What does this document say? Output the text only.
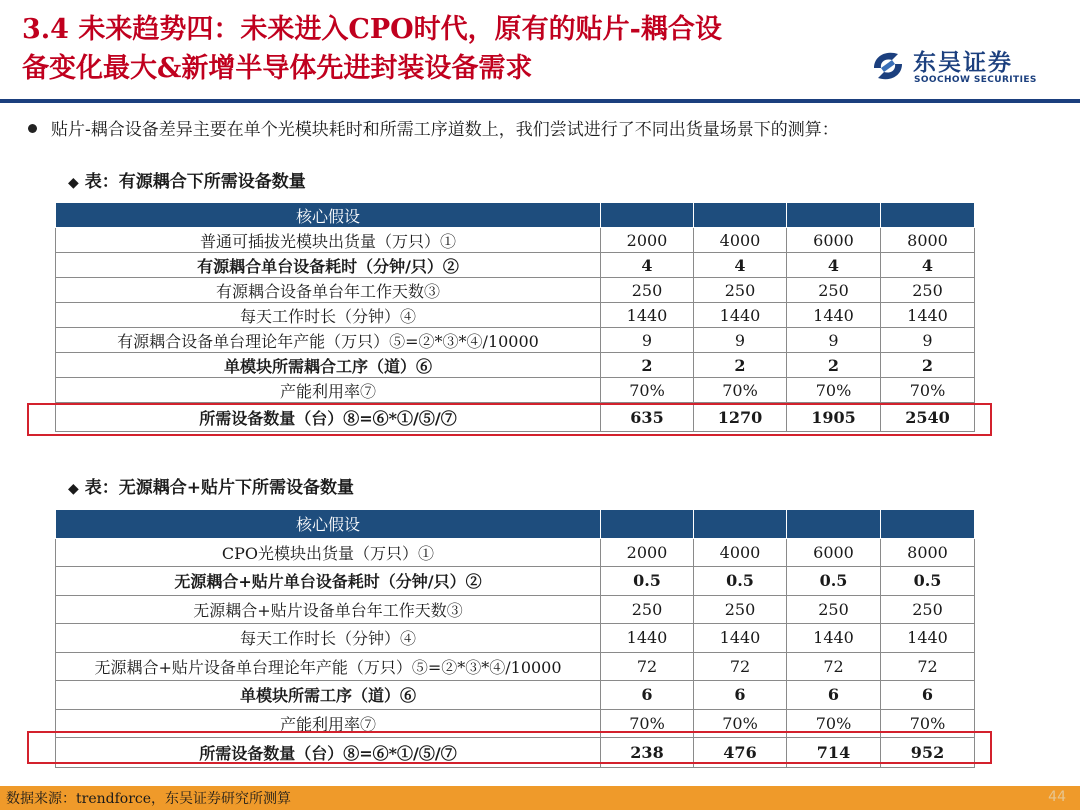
3.4 未来趋势四：未来进入CPO时代，原有的贴片-耦合设
备变化最大&新增半导体先进封装设备需求	东吴证券
SOOCHOW SECURITIES
贴片-耦合设备差异主要在单个光模块耗时和所需工序道数上，我们尝试进行了不同出货量场景下的测算：
◆ 表：有源耦合下所需设备数量
核心假设				
普通可插拔光模块出货量（万只）①	2000	4000	6000	8000
有源耦合单台设备耗时（分钟/只）②	4	4	4	4
有源耦合设备单台年工作天数③	250	250	250	250
每天工作时长（分钟）④	1440	1440	1440	1440
有源耦合设备单台理论年产能（万只）⑤=②*③*④/10000	9	9	9	9
单模块所需耦合工序（道）⑥	2	2	2	2
产能利用率⑦	70%	70%	70%	70%
所需设备数量（台）⑧=⑥*①/⑤/⑦	635	1270	1905	2540
◆ 表：无源耦合+贴片下所需设备数量
核心假设				
CPO光模块出货量（万只）①	2000	4000	6000	8000
无源耦合+贴片单台设备耗时（分钟/只）②	0.5	0.5	0.5	0.5
无源耦合+贴片设备单台年工作天数③	250	250	250	250
每天工作时长（分钟）④	1440	1440	1440	1440
无源耦合+贴片设备单台理论年产能（万只）⑤=②*③*④/10000	72	72	72	72
单模块所需工序（道）⑥	6	6	6	6
产能利用率⑦	70%	70%	70%	70%
所需设备数量（台）⑧=⑥*①/⑤/⑦	238	476	714	952
数据来源：trendforce，东吴证券研究所测算	44
